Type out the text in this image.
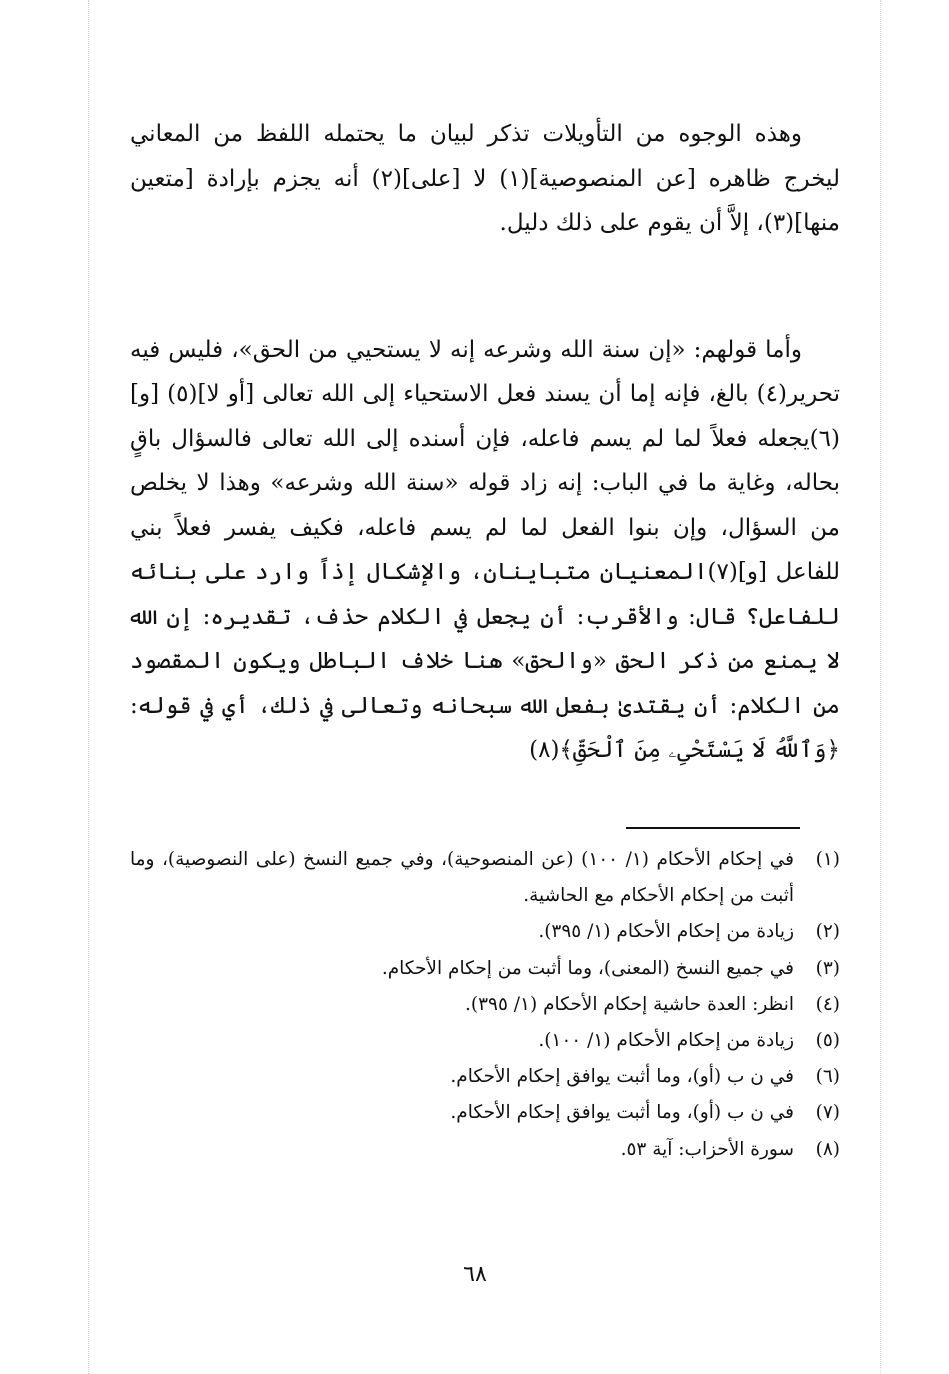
وهذه الوجوه من التأويلات تذكر لبيان ما يحتمله اللفظ من المعاني ليخرج ظاهره [عن المنصوصية](١) لا [على](٢) أنه يجزم بإرادة [متعين منها](٣)، إلاَّ أن يقوم على ذلك دليل.

وأما قولهم: «إن سنة الله وشرعه إنه لا يستحيي من الحق»، فليس فيه تحرير(٤) بالغ، فإنه إما أن يسند فعل الاستحياء إلى الله تعالى [أو لا](٥) [و](٦)يجعله فعلاً لما لم يسم فاعله، فإن أسنده إلى الله تعالى فالسؤال باقٍ بحاله، وغاية ما في الباب: إنه زاد قوله «سنة الله وشرعه» وهذا لا يخلص من السؤال، وإن بنوا الفعل لما لم يسم فاعله، فكيف يفسر فعلاً بني للفاعل [و](٧)المعنيان متباينان، والإشكال إذاً وارد على بنائه للفاعل؟ قال: والأقرب: أن يجعل في الكلام حذف، تقديره: إن الله لا يمنع من ذكر الحق «والحق» هنا خلاف الباطل ويكون المقصود من الكلام: أن يقتدىٰ بفعل الله سبحانه وتعالى في ذلك، أي في قوله: ﴿وَٱللَّهُ لَا يَسْتَحْىِۦ مِنَ ٱلْحَقِّ﴾(٨)

(١)
في إحكام الأحكام (١/ ١٠٠) (عن المنصوحية)، وفي جميع النسخ (على النصوصية)، وما أثبت من إحكام الأحكام مع الحاشية.
(٢)
زيادة من إحكام الأحكام (١/ ٣٩٥).
(٣)
في جميع النسخ (المعنى)، وما أثبت من إحكام الأحكام.
(٤)
انظر: العدة حاشية إحكام الأحكام (١/ ٣٩٥).
(٥)
زيادة من إحكام الأحكام (١/ ١٠٠).
(٦)
في ن ب (أو)، وما أثبت يوافق إحكام الأحكام.
(٧)
في ن ب (أو)، وما أثبت يوافق إحكام الأحكام.
(٨)
سورة الأحزاب: آية ٥٣.
٦٨
